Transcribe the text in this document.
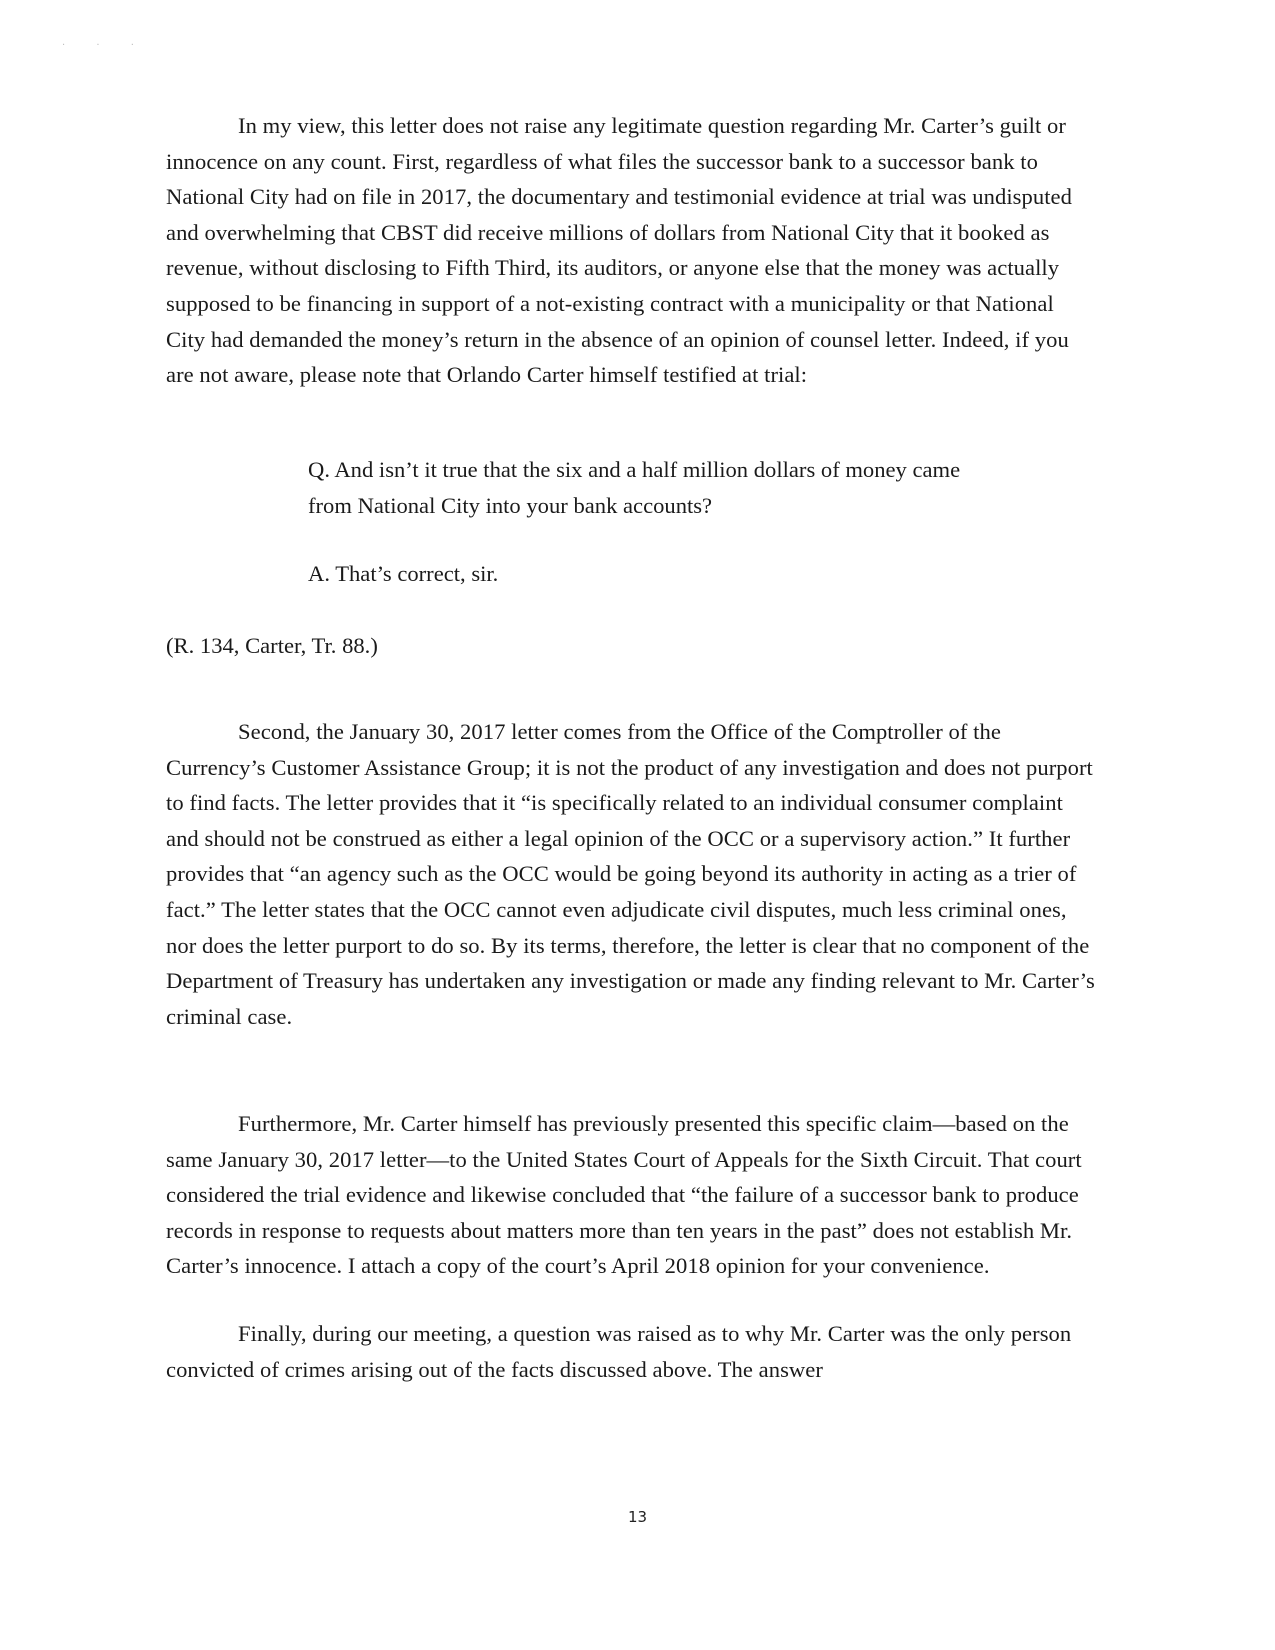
· · ·

In my view, this letter does not raise any legitimate question regarding Mr. Carter’s guilt or innocence on any count. First, regardless of what files the successor bank to a successor bank to National City had on file in 2017, the documentary and testimonial evidence at trial was undisputed and overwhelming that CBST did receive millions of dollars from National City that it booked as revenue, without disclosing to Fifth Third, its auditors, or anyone else that the money was actually supposed to be financing in support of a not-existing contract with a municipality or that National City had demanded the money’s return in the absence of an opinion of counsel letter. Indeed, if you are not aware, please note that Orlando Carter himself testified at trial:

Q. And isn’t it true that the six and a half million dollars of money came from National City into your bank accounts?

A. That’s correct, sir.

(R. 134, Carter, Tr. 88.)

Second, the January 30, 2017 letter comes from the Office of the Comptroller of the Currency’s Customer Assistance Group; it is not the product of any investigation and does not purport to find facts. The letter provides that it “is specifically related to an individual consumer complaint and should not be construed as either a legal opinion of the OCC or a supervisory action.” It further provides that “an agency such as the OCC would be going beyond its authority in acting as a trier of fact.” The letter states that the OCC cannot even adjudicate civil disputes, much less criminal ones, nor does the letter purport to do so. By its terms, therefore, the letter is clear that no component of the Department of Treasury has undertaken any investigation or made any finding relevant to Mr. Carter’s criminal case.

Furthermore, Mr. Carter himself has previously presented this specific claim—based on the same January 30, 2017 letter—to the United States Court of Appeals for the Sixth Circuit. That court considered the trial evidence and likewise concluded that “the failure of a successor bank to produce records in response to requests about matters more than ten years in the past” does not establish Mr. Carter’s innocence. I attach a copy of the court’s April 2018 opinion for your convenience.

Finally, during our meeting, a question was raised as to why Mr. Carter was the only person convicted of crimes arising out of the facts discussed above. The answer

13
